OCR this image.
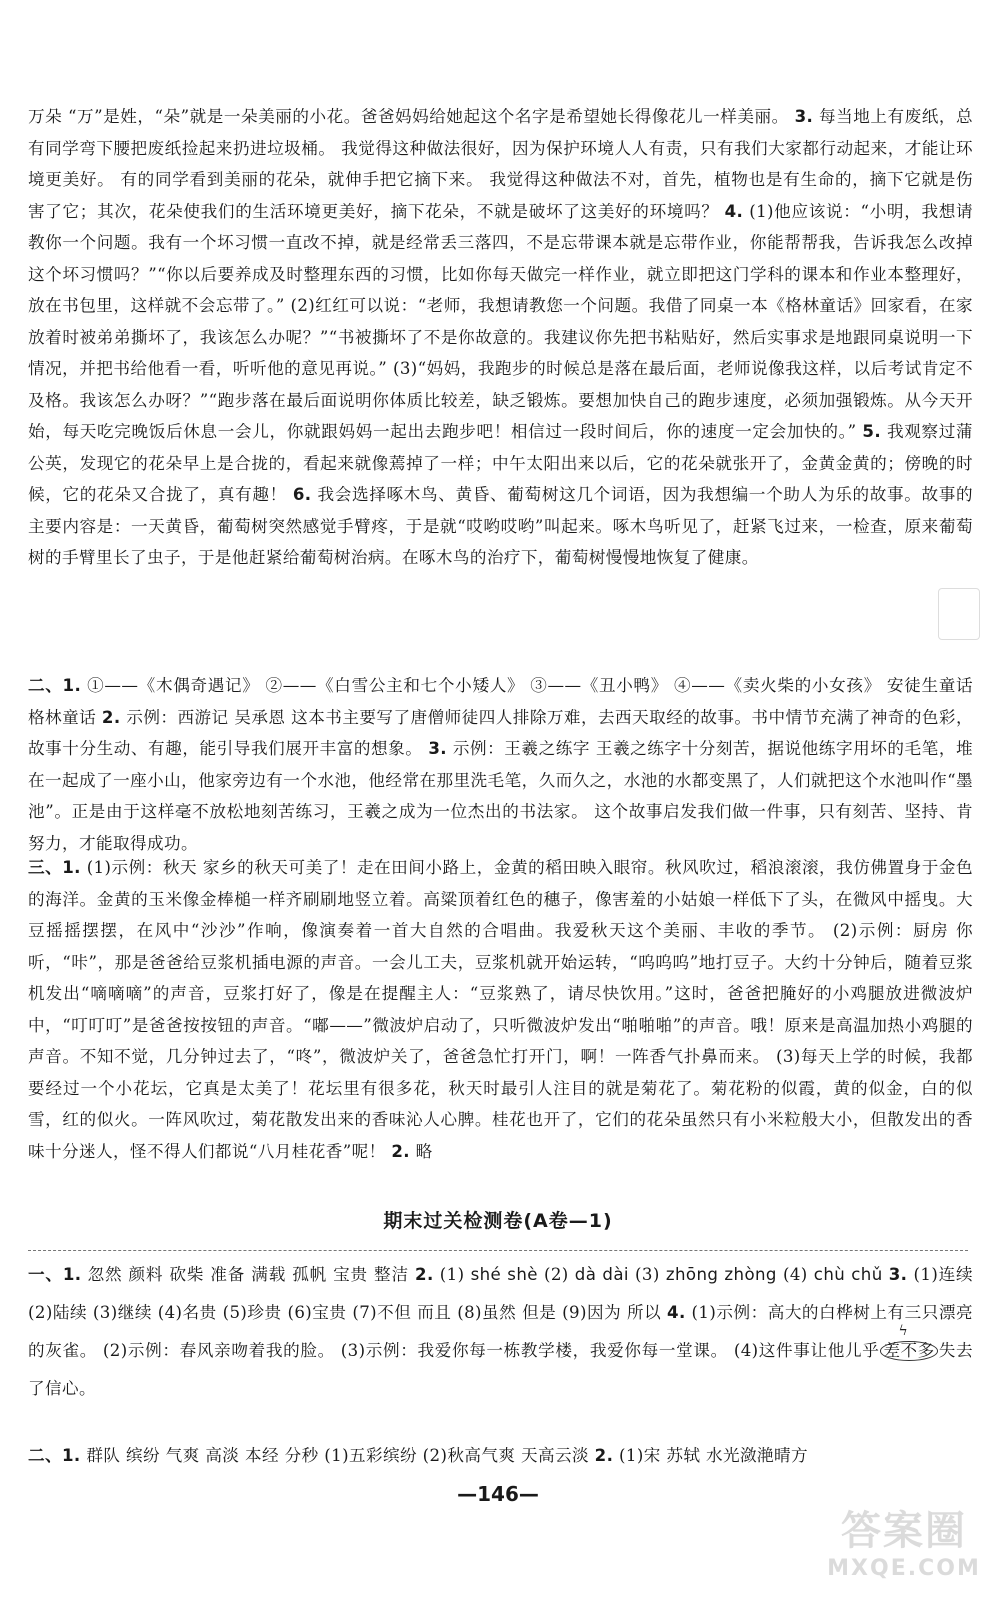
万朵 “万”是姓，“朵”就是一朵美丽的小花。爸爸妈妈给她起这个名字是希望她长得像花儿一样美丽。 3. 每当地上有废纸，总有同学弯下腰把废纸捡起来扔进垃圾桶。 我觉得这种做法很好，因为保护环境人人有责，只有我们大家都行动起来，才能让环境更美好。 有的同学看到美丽的花朵，就伸手把它摘下来。 我觉得这种做法不对，首先，植物也是有生命的，摘下它就是伤害了它；其次，花朵使我们的生活环境更美好，摘下花朵，不就是破坏了这美好的环境吗？ 4. (1)他应该说：“小明，我想请教你一个问题。我有一个坏习惯一直改不掉，就是经常丢三落四，不是忘带课本就是忘带作业，你能帮帮我，告诉我怎么改掉这个坏习惯吗？”“你以后要养成及时整理东西的习惯，比如你每天做完一样作业，就立即把这门学科的课本和作业本整理好，放在书包里，这样就不会忘带了。” (2)红红可以说：“老师，我想请教您一个问题。我借了同桌一本《格林童话》回家看，在家放着时被弟弟撕坏了，我该怎么办呢？”“书被撕坏了不是你故意的。我建议你先把书粘贴好，然后实事求是地跟同桌说明一下情况，并把书给他看一看，听听他的意见再说。” (3)“妈妈，我跑步的时候总是落在最后面，老师说像我这样，以后考试肯定不及格。我该怎么办呀？”“跑步落在最后面说明你体质比较差，缺乏锻炼。要想加快自己的跑步速度，必须加强锻炼。从今天开始，每天吃完晚饭后休息一会儿，你就跟妈妈一起出去跑步吧！相信过一段时间后，你的速度一定会加快的。” 5. 我观察过蒲公英，发现它的花朵早上是合拢的，看起来就像蔫掉了一样；中午太阳出来以后，它的花朵就张开了，金黄金黄的；傍晚的时候，它的花朵又合拢了，真有趣！ 6. 我会选择啄木鸟、黄昏、葡萄树这几个词语，因为我想编一个助人为乐的故事。故事的主要内容是：一天黄昏，葡萄树突然感觉手臂疼，于是就“哎哟哎哟”叫起来。啄木鸟听见了，赶紧飞过来，一检查，原来葡萄树的手臂里长了虫子，于是他赶紧给葡萄树治病。在啄木鸟的治疗下，葡萄树慢慢地恢复了健康。

二、1. ①——《木偶奇遇记》 ②——《白雪公主和七个小矮人》 ③——《丑小鸭》 ④——《卖火柴的小女孩》 安徒生童话 格林童话 2. 示例：西游记 吴承恩 这本书主要写了唐僧师徒四人排除万难，去西天取经的故事。书中情节充满了神奇的色彩，故事十分生动、有趣，能引导我们展开丰富的想象。 3. 示例：王羲之练字 王羲之练字十分刻苦，据说他练字用坏的毛笔，堆在一起成了一座小山，他家旁边有一个水池，他经常在那里洗毛笔，久而久之，水池的水都变黑了，人们就把这个水池叫作“墨池”。正是由于这样毫不放松地刻苦练习，王羲之成为一位杰出的书法家。 这个故事启发我们做一件事，只有刻苦、坚持、肯努力，才能取得成功。

三、1. (1)示例：秋天 家乡的秋天可美了！走在田间小路上，金黄的稻田映入眼帘。秋风吹过，稻浪滚滚，我仿佛置身于金色的海洋。金黄的玉米像金棒槌一样齐刷刷地竖立着。高粱顶着红色的穗子，像害羞的小姑娘一样低下了头，在微风中摇曳。大豆摇摇摆摆，在风中“沙沙”作响，像演奏着一首大自然的合唱曲。我爱秋天这个美丽、丰收的季节。 (2)示例：厨房 你听，“咔”，那是爸爸给豆浆机插电源的声音。一会儿工夫，豆浆机就开始运转，“呜呜呜”地打豆子。大约十分钟后，随着豆浆机发出“嘀嘀嘀”的声音，豆浆打好了，像是在提醒主人：“豆浆熟了，请尽快饮用。”这时，爸爸把腌好的小鸡腿放进微波炉中，“叮叮叮”是爸爸按按钮的声音。“嘟——”微波炉启动了，只听微波炉发出“啪啪啪”的声音。哦！原来是高温加热小鸡腿的声音。不知不觉，几分钟过去了，“咚”，微波炉关了，爸爸急忙打开门，啊！一阵香气扑鼻而来。 (3)每天上学的时候，我都要经过一个小花坛，它真是太美了！花坛里有很多花，秋天时最引人注目的就是菊花了。菊花粉的似霞，黄的似金，白的似雪，红的似火。一阵风吹过，菊花散发出来的香味沁人心脾。桂花也开了，它们的花朵虽然只有小米粒般大小，但散发出的香味十分迷人，怪不得人们都说“八月桂花香”呢！ 2. 略

期末过关检测卷(A卷—1)

一、1. 忽然 颜料 砍柴 准备 满载 孤帆 宝贵 整洁 2. (1) shé shè (2) dà dài (3) zhōng zhòng (4) chù chǔ 3. (1)连续 (2)陆续 (3)继续 (4)名贵 (5)珍贵 (6)宝贵 (7)不但 而且 (8)虽然 但是 (9)因为 所以 4. (1)示例：高大的白桦树上有三只漂亮的灰雀。 (2)示例：春风亲吻着我的脸。 (3)示例：我爱你每一栋教学楼，我爱你每一堂课。 (4)这件事让他儿乎 差不多
ϟ
失去了信心。

二、1. 群队 缤纷 气爽 高淡 本经 分秒 (1)五彩缤纷 (2)秋高气爽 天高云淡 2. (1)宋 苏轼 水光潋滟晴方

—146—
答案圈
MXQE.COM
